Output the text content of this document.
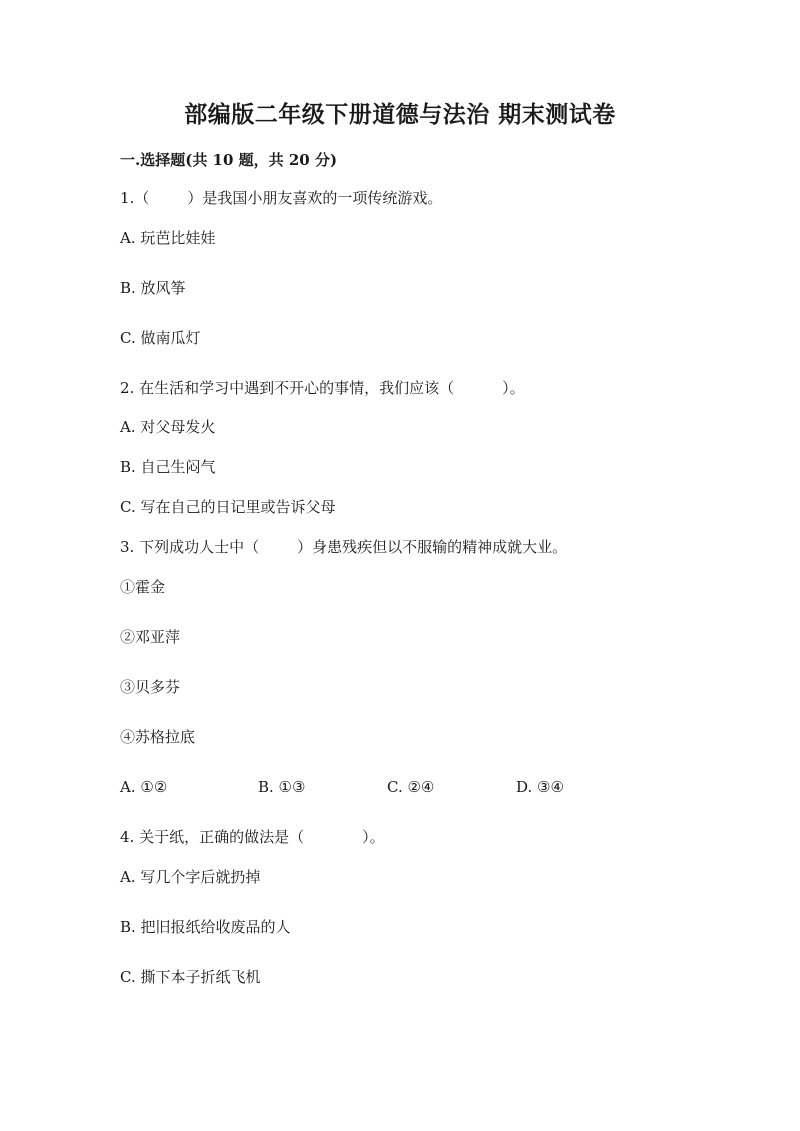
部编版二年级下册道德与法治 期末测试卷
一.选择题(共 10 题，共 20 分)
1.（	）是我国小朋友喜欢的一项传统游戏。
A. 玩芭比娃娃
B. 放风筝
C. 做南瓜灯
2. 在生活和学习中遇到不开心的事情，我们应该（	）。
A. 对父母发火
B. 自己生闷气
C. 写在自己的日记里或告诉父母
3. 下列成功人士中（	）身患残疾但以不服输的精神成就大业。
①霍金
②邓亚萍
③贝多芬
④苏格拉底
A. ①②	B. ①③	C. ②④	D. ③④
4. 关于纸，正确的做法是（	）。
A. 写几个字后就扔掉
B. 把旧报纸给收废品的人
C. 撕下本子折纸飞机
